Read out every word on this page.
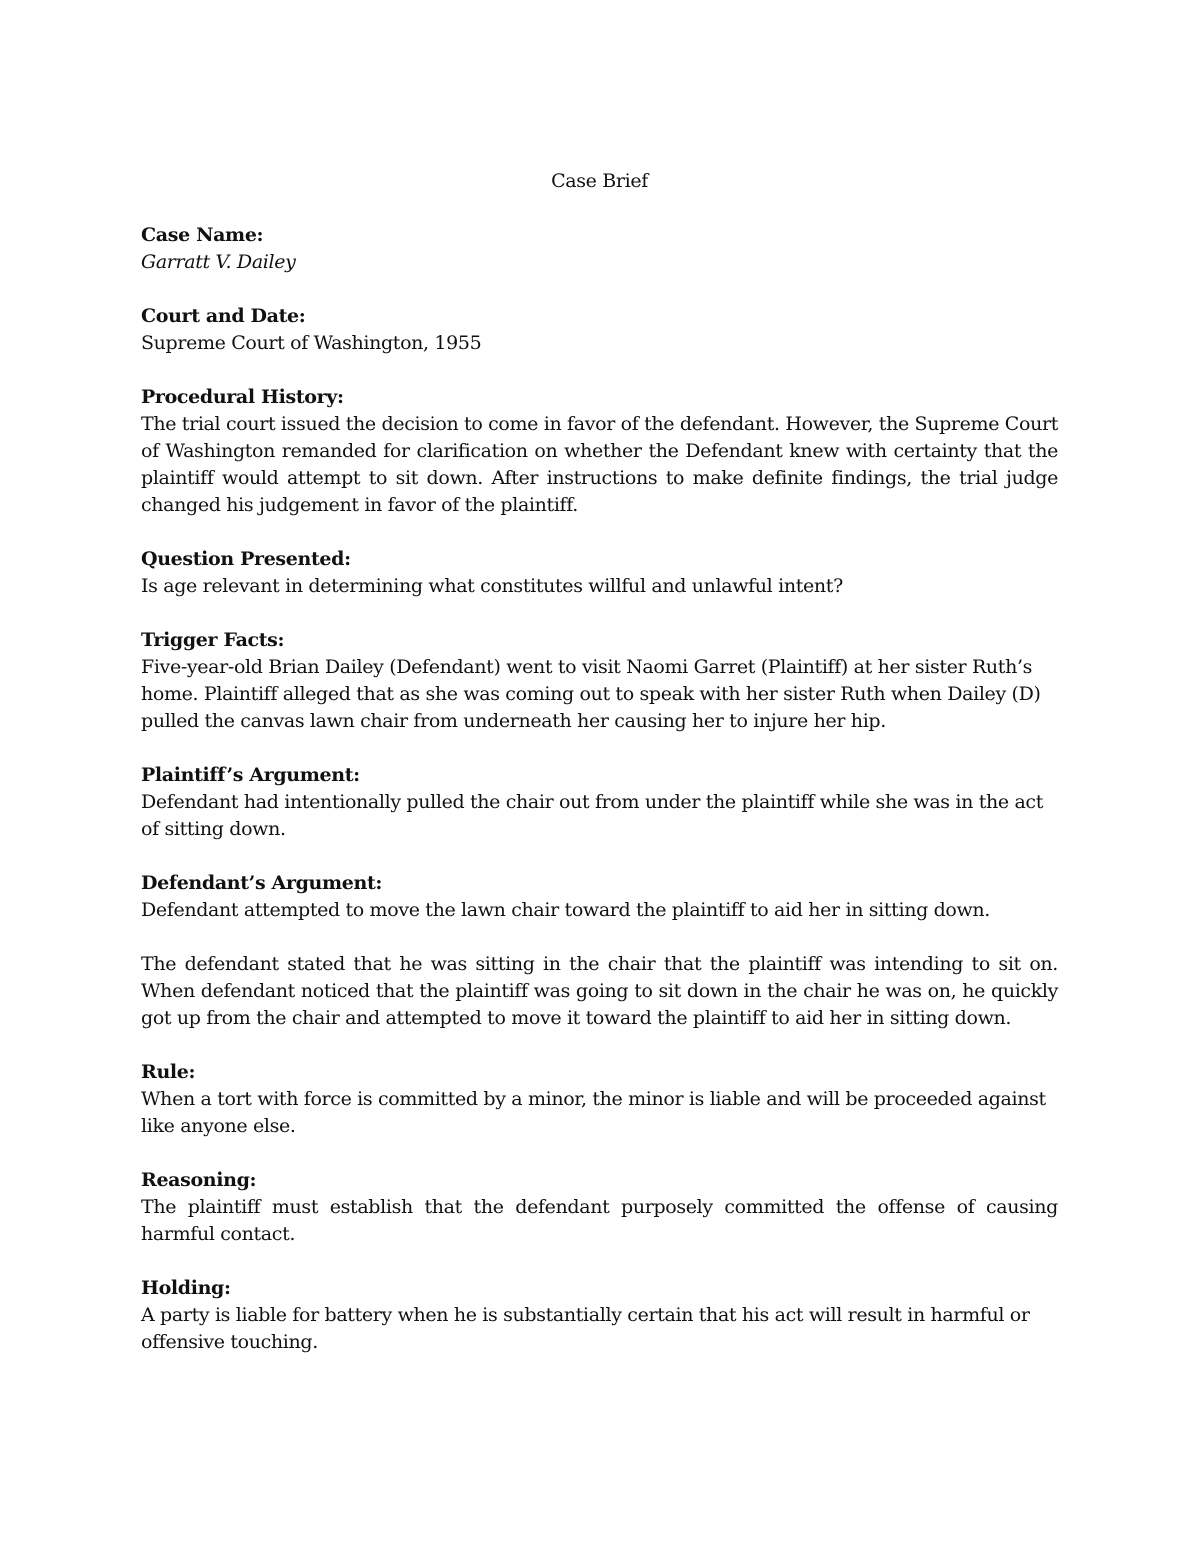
Case Brief
Case Name:
Garratt V. Dailey
Court and Date:
Supreme Court of Washington, 1955
Procedural History:
The trial court issued the decision to come in favor of the defendant. However, the Supreme Court of Washington remanded for clarification on whether the Defendant knew with certainty that the plaintiff would attempt to sit down. After instructions to make definite findings, the trial judge changed his judgement in favor of the plaintiff.
Question Presented:
Is age relevant in determining what constitutes willful and unlawful intent?
Trigger Facts:
Five-year-old Brian Dailey (Defendant) went to visit Naomi Garret (Plaintiff) at her sister Ruth’s home. Plaintiff alleged that as she was coming out to speak with her sister Ruth when Dailey (D) pulled the canvas lawn chair from underneath her causing her to injure her hip.
Plaintiff’s Argument:
Defendant had intentionally pulled the chair out from under the plaintiff while she was in the act of sitting down.
Defendant’s Argument:
Defendant attempted to move the lawn chair toward the plaintiff to aid her in sitting down.
The defendant stated that he was sitting in the chair that the plaintiff was intending to sit on. When defendant noticed that the plaintiff was going to sit down in the chair he was on, he quickly got up from the chair and attempted to move it toward the plaintiff to aid her in sitting down.
Rule:
When a tort with force is committed by a minor, the minor is liable and will be proceeded against like anyone else.
Reasoning:
The plaintiff must establish that the defendant purposely committed the offense of causing harmful contact.
Holding:
A party is liable for battery when he is substantially certain that his act will result in harmful or offensive touching.
